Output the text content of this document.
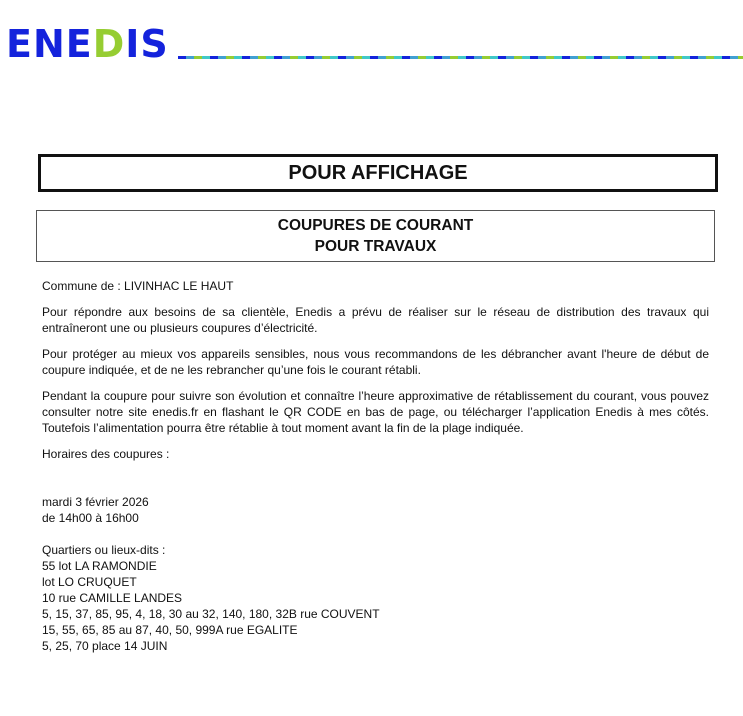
ENEDIS
POUR AFFICHAGE
COUPURES DE COURANT
POUR TRAVAUX

Commune de : LIVINHAC LE HAUT

Pour répondre aux besoins de sa clientèle, Enedis a prévu de réaliser sur le réseau de distribution des travaux qui entraîneront une ou plusieurs coupures d’électricité.

Pour protéger au mieux vos appareils sensibles, nous vous recommandons de les débrancher avant l'heure de début de coupure indiquée, et de ne les rebrancher qu’une fois le courant rétabli.

Pendant la coupure pour suivre son évolution et connaître l’heure approximative de rétablissement du courant, vous pouvez consulter notre site enedis.fr en flashant le QR CODE en bas de page, ou télécharger l’application Enedis à mes côtés. Toutefois l’alimentation pourra être rétablie à tout moment avant la fin de la plage indiquée.

Horaires des coupures :
mardi 3 février 2026
de 14h00 à 16h00
Quartiers ou lieux-dits :
55 lot LA RAMONDIE
lot LO CRUQUET
10 rue CAMILLE LANDES
5, 15, 37, 85, 95, 4, 18, 30 au 32, 140, 180, 32B rue COUVENT
15, 55, 65, 85 au 87, 40, 50, 999A rue EGALITE
5, 25, 70 place 14 JUIN
